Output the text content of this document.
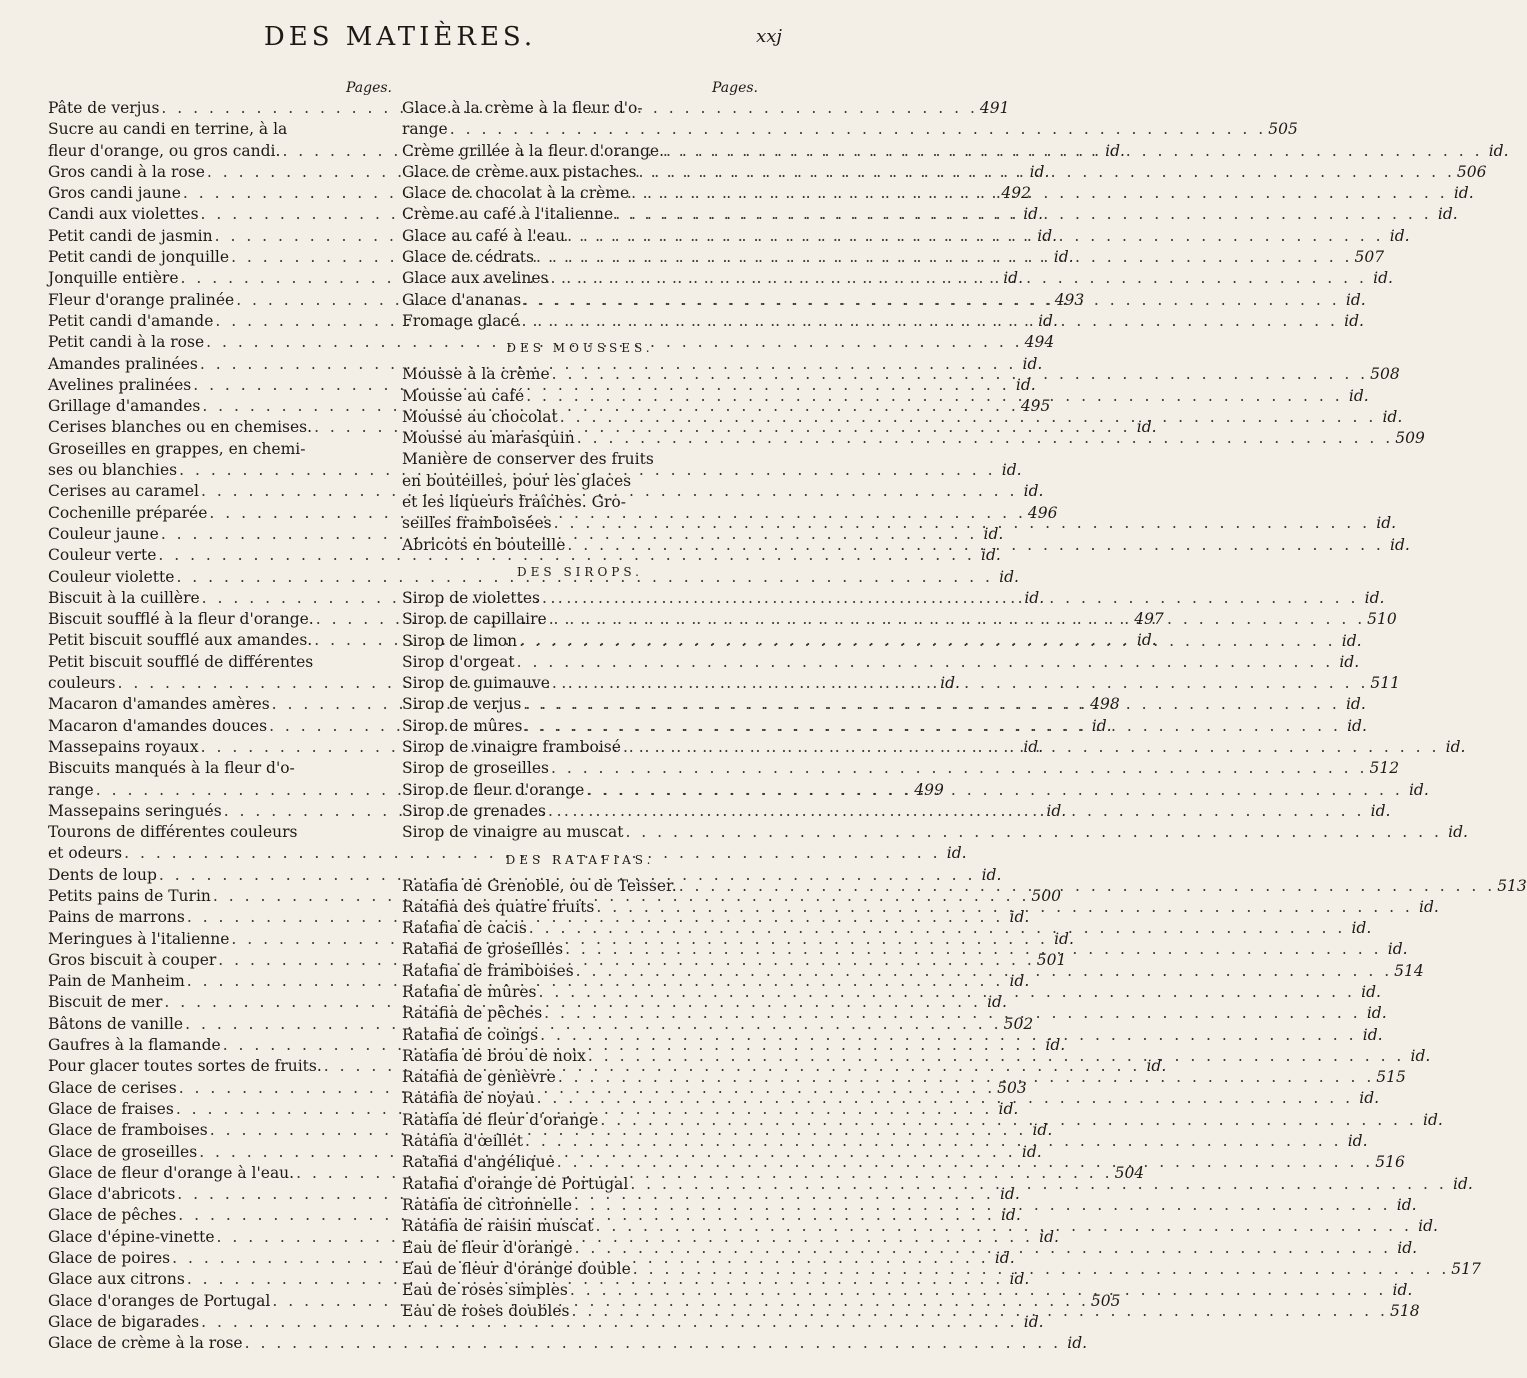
DES MATIÈRES.	xxj
Pages.
Pâte de verjus . . .	491
Sucre au candi en terrine, à la
fleur d'orange, ou gros candi. . . .	id.
Gros candi à la rose . . .	id.
Gros candi jaune . . .	492
Candi aux violettes . . .	id.
Petit candi de jasmin . . .	id.
Petit candi de jonquille . . .	id.
Jonquille entière . . .	id.
Fleur d'orange pralinée . . .	493
Petit candi d'amande . . .	id.
Petit candi à la rose . . .	494
Amandes pralinées . . .	id.
Avelines pralinées . . .	id.
Grillage d'amandes . . .	495
Cerises blanches ou en chemises. . . .	id.
Groseilles en grappes, en chemi-
ses ou blanchies . . .	id.
Cerises au caramel . . .	id.
Cochenille préparée . . .	496
Couleur jaune . . .	id.
Couleur verte . . .	id.
Couleur violette . . .	id.
Biscuit à la cuillère . . .	id.
Biscuit soufflé à la fleur d'orange. . . .	497
Petit biscuit soufflé aux amandes. . . .	id.
Petit biscuit soufflé de différentes
couleurs . . .	id.
Macaron d'amandes amères . . .	498
Macaron d'amandes douces . . .	id.
Massepains royaux . . .	id.
Biscuits manqués à la fleur d'o-
range . . .	499
Massepains seringués . . .	id.
Tourons de différentes couleurs
et odeurs . . .	id.
Dents de loup . . .	id.
Petits pains de Turin . . .	500
Pains de marrons . . .	id.
Meringues à l'italienne . . .	id.
Gros biscuit à couper . . .	501
Pain de Manheim . . .	id.
Biscuit de mer . . .	id.
Bâtons de vanille . . .	502
Gaufres à la flamande . . .	id.
Pour glacer toutes sortes de fruits. . . .	id.
Glace de cerises . . .	503
Glace de fraises . . .	id.
Glace de framboises . . .	id.
Glace de groseilles . . .	id.
Glace de fleur d'orange à l'eau. . . .	504
Glace d'abricots . . .	id.
Glace de pêches . . .	id.
Glace d'épine-vinette . . .	id.
Glace de poires . . .	id.
Glace aux citrons . . .	id.
Glace d'oranges de Portugal . . .	505
Glace de bigarades . . .	id.
Glace de crème à la rose . . .	id.
Pages.
Glace à la crème à la fleur d'o-
range . . .	505
Crème grillée à la fleur d'orange. . . .	id.
Glace de crème aux pistaches . . .	506
Glace de chocolat à la crème . . .	id.
Crème au café à l'italienne . . .	id.
Glace au café à l'eau . . .	id.
Glace de cédrats . . .	507
Glace aux avelines . . .	id.
Glace d'ananas . . .	id.
Fromage glacé . . .	id.
DES MOUSSES.
Mousse à la crème . . .	508
Mousse au café . . .	id.
Mousse au chocolat . . .	id.
Mousse au marasquin . . .	509
Manière de conserver des fruits
en bouteilles, pour les glaces
et les liqueurs fraîches. Gro-
seilles framboisées . . .	id.
Abricots en bouteille . . .	id.
DES SIROPS.
Sirop de violettes . . .	id.
Sirop de capillaire . . .	510
Sirop de limon . . .	id.
Sirop d'orgeat . . .	id.
Sirop de guimauve . . .	511
Sirop de verjus . . .	id.
Sirop de mûres . . .	id.
Sirop de vinaigre framboisé . . .	id.
Sirop de groseilles . . .	512
Sirop de fleur d'orange . . .	id.
Sirop de grenades . . .	id.
Sirop de vinaigre au muscat . . .	id.
DES RATAFIAS.
Ratafia de Grenoble, ou de Teisser. . . .	513
Ratafia des quatre fruits . . .	id.
Ratafia de cacis . . .	id.
Ratafia de groseilles . . .	id.
Ratafia de framboises . . .	514
Ratafia de mûres . . .	id.
Ratafia de pêches . . .	id.
Ratafia de coings . . .	id.
Ratafia de brou de noix . . .	id.
Ratafia de genièvre . . .	515
Ratafia de noyau . . .	id.
Ratafia de fleur d'orange . . .	id.
Ratafia d'œillet . . .	id.
Ratafia d'angélique . . .	516
Ratafia d'orange de Portugal . . .	id.
Ratafia de citronnelle . . .	id.
Ratafia de raisin muscat . . .	id.
Eau de fleur d'orange . . .	id.
Eau de fleur d'orange double . . .	517
Eau de roses simples . . .	id.
Eau de roses doubles . . .	518
